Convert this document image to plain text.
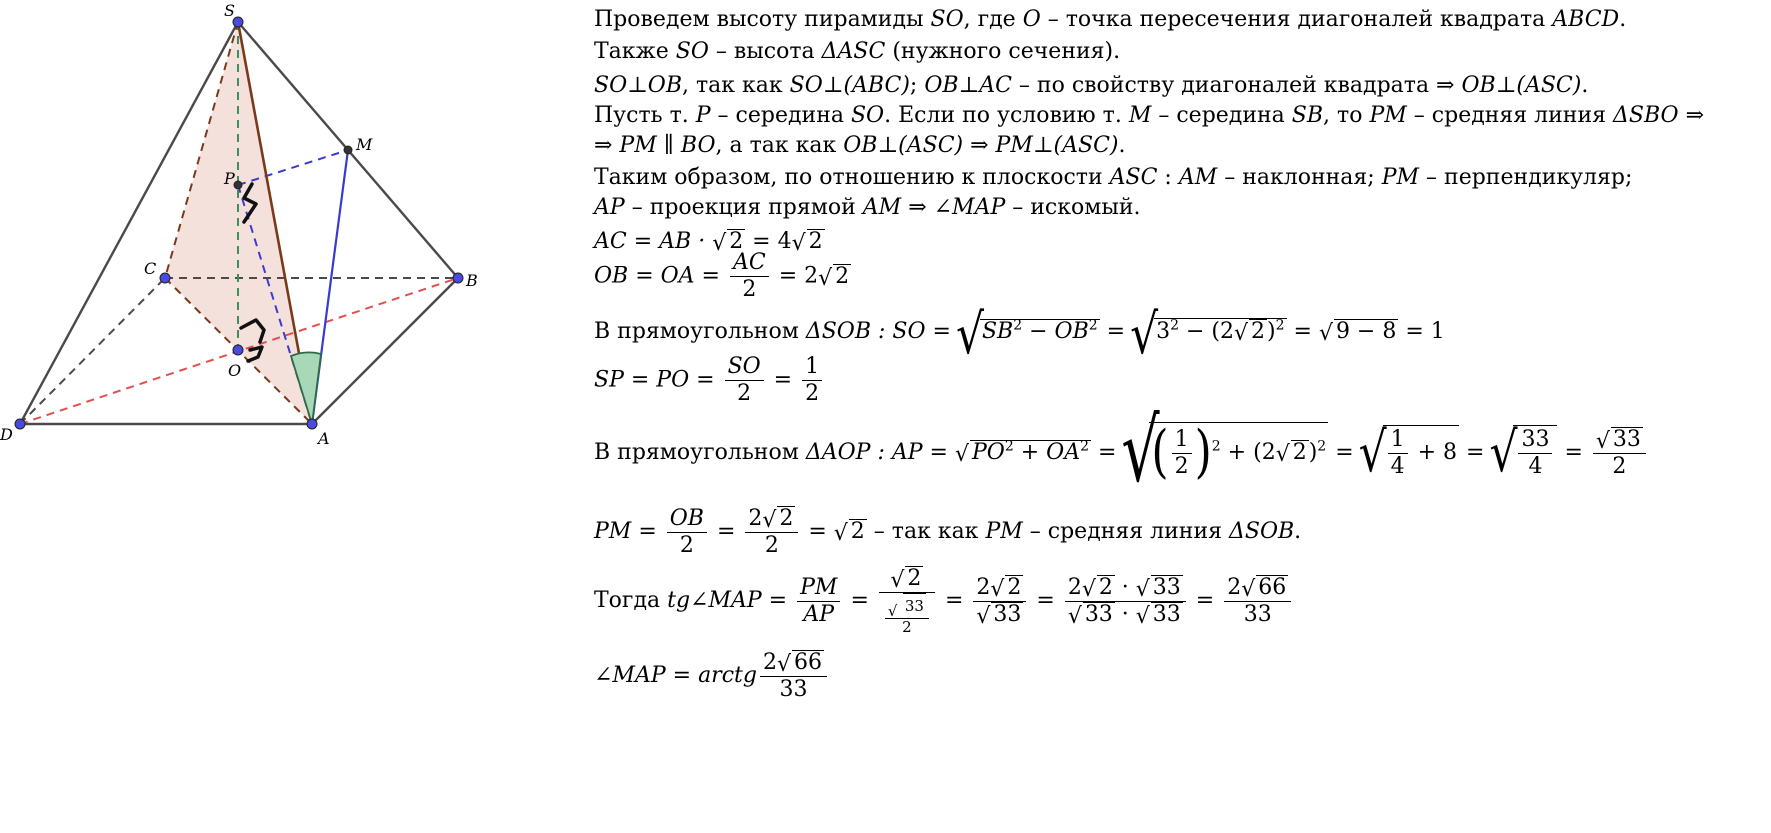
S
M
P
C
B
O
D	A
Проведем высоту пирамиды SO, где O – точка пересечения диагоналей квадрата ABCD.
Также SO – высота ΔASC (нужного сечения).
SO⊥OB, так как SO⊥(ABC); OB⊥AC – по свойству диагоналей квадрата ⇒ OB⊥(ASC).
Пусть т. P – середина SO. Если по условию т. M – середина SB, то PM – средняя линия ΔSBO ⇒
⇒ PM ∥ BO, а так как OB⊥(ASC) ⇒ PM⊥(ASC).
Таким образом, по отношению к плоскости ASC : AM – наклонная; PM – перпендикуляр;
AP – проекция прямой AM ⇒ ∠MAP – искомый.
AC = AB · √ 2 = 4√ 2
OB = OA = $\frac{AC}{2} = 2√$ 2
В прямоугольном ΔSOB : SO = √ $SB^2 - OB^2$ = √ $3^2 - (2√$ 2)$^2$ = √ 9 − 8 = 1
SP = PO = $\frac{SO}{2} = \frac{1}{2}$
В прямоугольном ΔAOP : AP = √ $PO^2 + OA^2$ = √ ( $\frac{1}{2} )^2 + (2√$ 2)$^2$ =
√ $\frac{1}{4} + 8$ =
√ $\frac{33}{4}$ =
√ $\frac{33}{2}$
PM = $\frac{OB}{2} = \frac{2√ 2}{2}$ = √ 2 – так как PM – средняя линия ΔSOB.
Тогда tg∠MAP = $\frac{PM}{AP}$ =
√ 2
√ $\frac{33}{2} = 2√$ 2
√ 33 = 2√ 2 · √ 33
√ 33 · √ $33 = \frac{2√ 66}{33}$
∠MAP = arctg $\frac{2√ 66}{33}$
